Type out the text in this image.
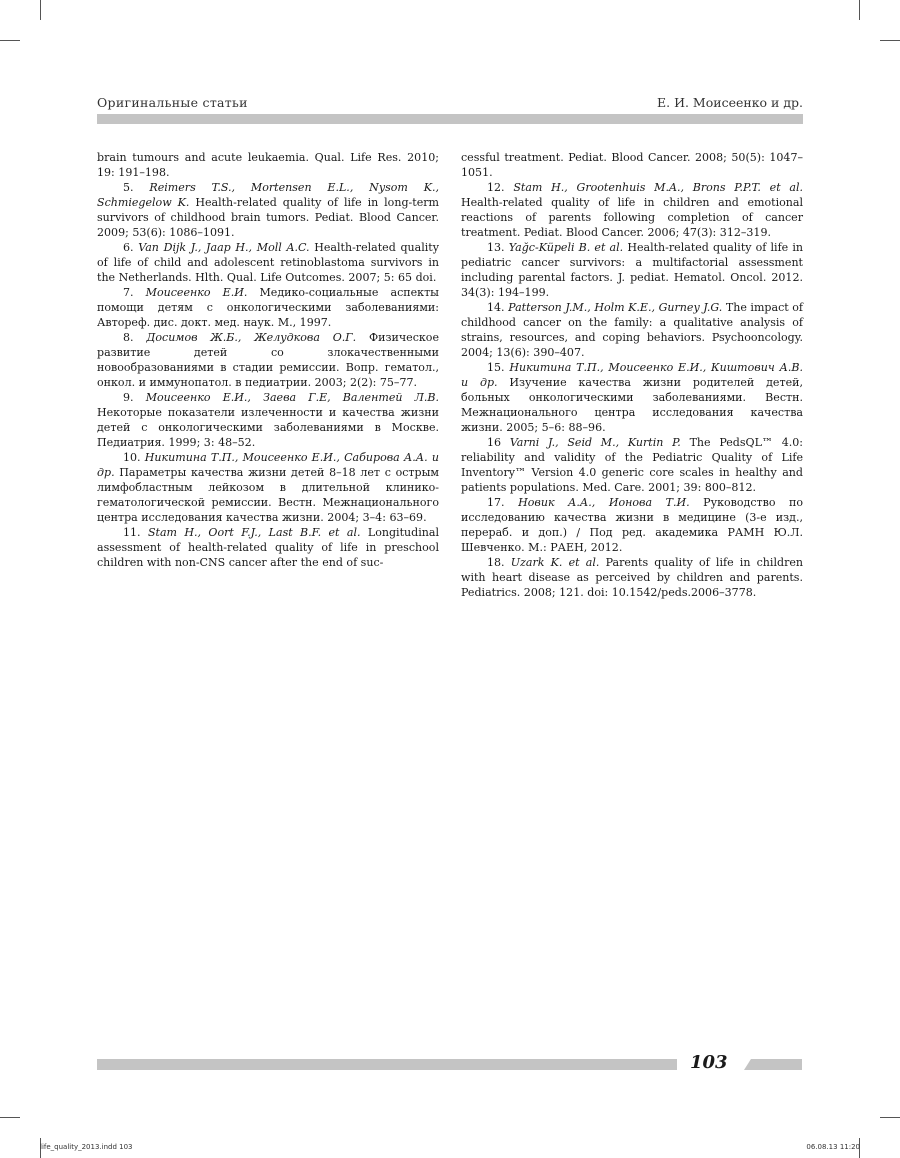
Оригинальные статьи	Е. И. Моисеенко и др.

brain tumours and acute leukaemia. Qual. Life Res. 2010; 19: 191–198.

5. Reimers T.S., Mortensen E.L., Nysom K., Schmiegelow K. Health-related quality of life in long-term survivors of childhood brain tumors. Pediat. Blood Cancer. 2009; 53(6): 1086–1091.

6. Van Dijk J., Jaap H., Moll A.C. Health-related quality of life of child and adolescent retinoblastoma survivors in the Netherlands. Hlth. Qual. Life Outcomes. 2007; 5: 65 doi.

7. Моисеенко Е.И. Медико-социальные аспекты помощи детям с онкологическими заболеваниями: Автореф. дис. докт. мед. наук. М., 1997.

8. Досимов Ж.Б., Желудкова О.Г. Физическое развитие детей со злокачественными новообразованиями в стадии ремиссии. Вопр. гематол., онкол. и иммунопатол. в педиатрии. 2003; 2(2): 75–77.

9. Моисеенко Е.И., Заева Г.Е, Валентей Л.В. Некоторые показатели излеченности и качества жизни детей с онкологическими заболеваниями в Москве. Педиатрия. 1999; 3: 48–52.

10. Никитина Т.П., Моисеенко Е.И., Сабирова А.А. и др. Параметры качества жизни детей 8–18 лет с острым лимфобластным лейкозом в длительной клинико-гематологической ремиссии. Вестн. Межнационального центра исследования качества жизни. 2004; 3–4: 63–69.

11. Stam H., Oort F.J., Last B.F. et al. Longitudinal assessment of health-related quality of life in preschool children with non-CNS cancer after the end of suc-

cessful treatment. Pediat. Blood Cancer. 2008; 50(5): 1047–1051.

12. Stam H., Grootenhuis M.A., Brons P.P.T. et al. Health-related quality of life in children and emotional reactions of parents following completion of cancer treatment. Pediat. Blood Cancer. 2006; 47(3): 312–319.

13. Yağc-Küpeli B. et al. Health-related quality of life in pediatric cancer survivors: a multifactorial assessment including parental factors. J. pediat. Hematol. Oncol. 2012. 34(3): 194–199.

14. Patterson J.M., Holm K.E., Gurney J.G. The impact of childhood cancer on the family: a qualitative analysis of strains, resources, and coping behaviors. Psychooncology. 2004; 13(6): 390–407.

15. Никитина Т.П., Моисеенко Е.И., Киштович А.В. и др. Изучение качества жизни родителей детей, больных онкологическими заболеваниями. Вестн. Межнационального центра исследования качества жизни. 2005; 5–6: 88–96.

16 Varni J., Seid M., Kurtin P. The PedsQL™ 4.0: reliability and validity of the Pediatric Quality of Life Inventory™ Version 4.0 generic core scales in healthy and patients populations. Med. Care. 2001; 39: 800–812.

17. Новик А.А., Ионова Т.И. Руководство по исследованию качества жизни в медицине (3-е изд., перераб. и доп.) / Под ред. академика РАМН Ю.Л. Шевченко. М.: РАЕН, 2012.

18. Uzark K. et al. Parents quality of life in children with heart disease as perceived by children and parents. Pediatrics. 2008; 121. doi: 10.1542/peds.2006–3778.

103
life_quality_2013.indd 103	06.08.13 11:20
